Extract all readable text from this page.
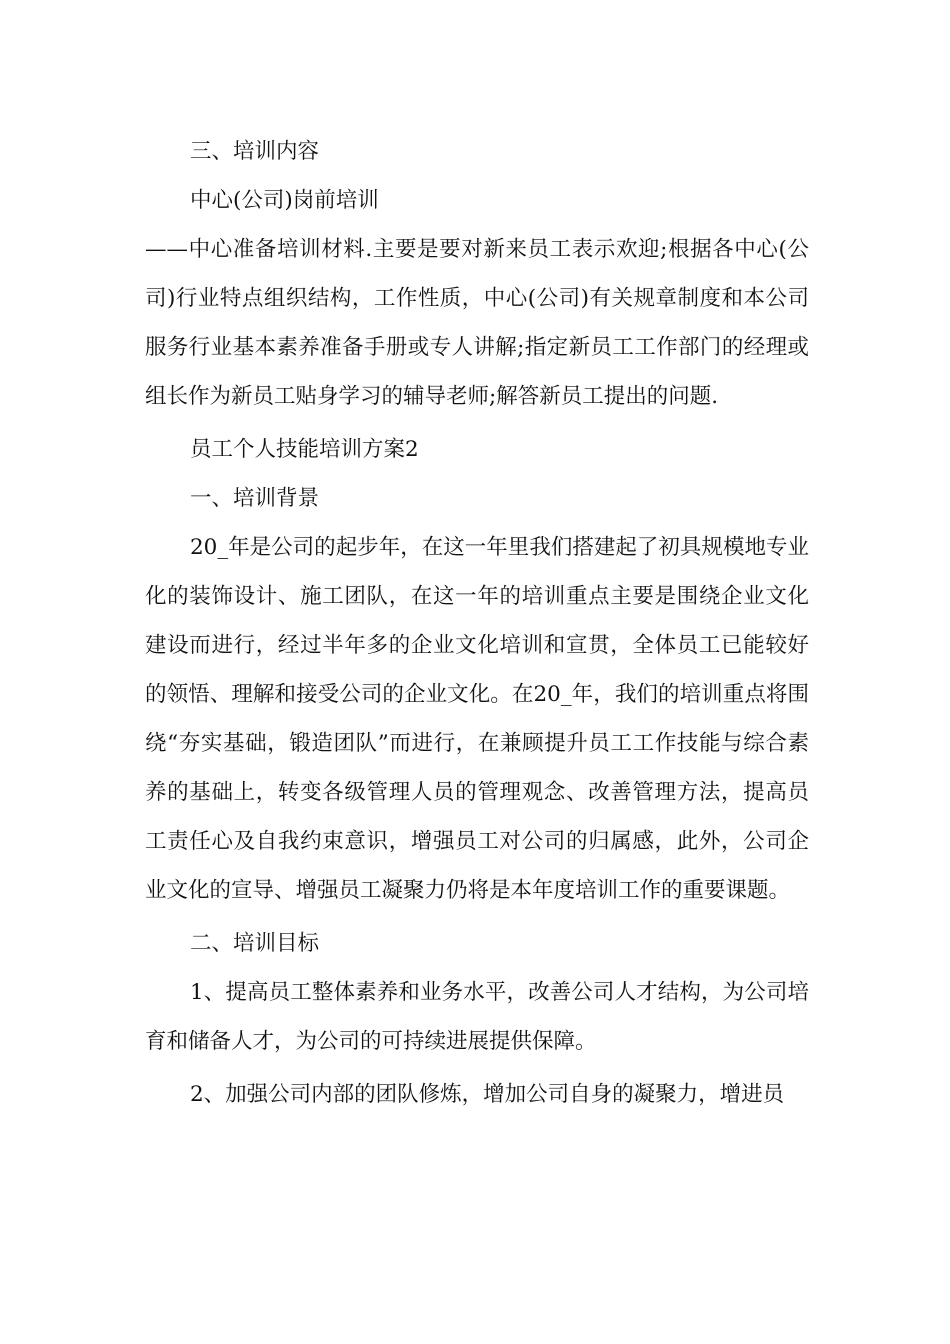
三、培训内容

中心(公司)岗前培训

——中心准备培训材料.主要是要对新来员工表示欢迎;根据各中心(公司)行业特点组织结构，工作性质，中心(公司)有关规章制度和本公司服务行业基本素养准备手册或专人讲解;指定新员工工作部门的经理或组长作为新员工贴身学习的辅导老师;解答新员工提出的问题.

员工个人技能培训方案2

一、培训背景

20_年是公司的起步年，在这一年里我们搭建起了初具规模地专业化的装饰设计、施工团队，在这一年的培训重点主要是围绕企业文化建设而进行，经过半年多的企业文化培训和宣贯，全体员工已能较好的领悟、理解和接受公司的企业文化。在20_年，我们的培训重点将围绕“夯实基础，锻造团队”而进行，在兼顾提升员工工作技能与综合素养的基础上，转变各级管理人员的管理观念、改善管理方法，提高员工责任心及自我约束意识，增强员工对公司的归属感，此外，公司企业文化的宣导、增强员工凝聚力仍将是本年度培训工作的重要课题。

二、培训目标

1、提高员工整体素养和业务水平，改善公司人才结构，为公司培育和储备人才，为公司的可持续进展提供保障。

2、加强公司内部的团队修炼，增加公司自身的凝聚力，增进员
